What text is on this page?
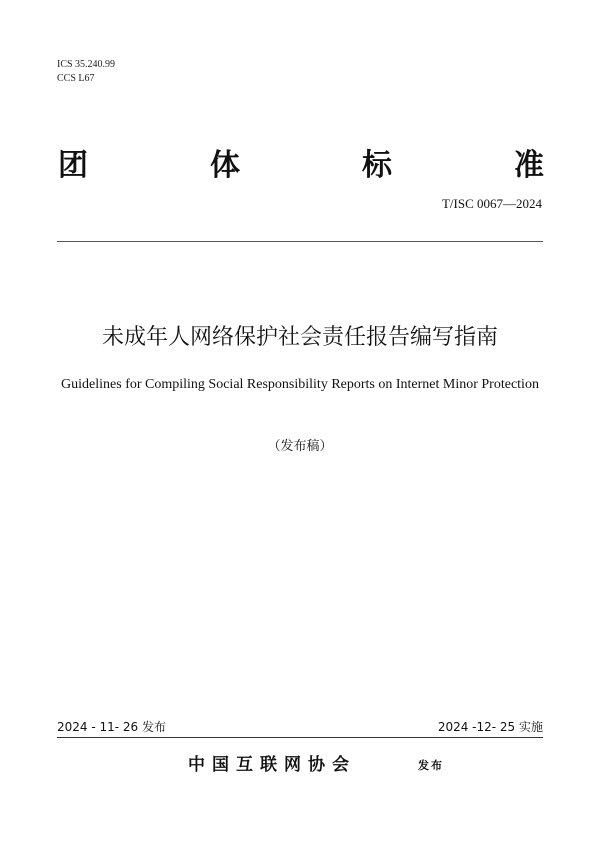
ICS 35.240.99
CCS L67
团	体	标	准
T/ISC 0067—2024
未成年人网络保护社会责任报告编写指南
Guidelines for Compiling Social Responsibility Reports on Internet Minor Protection
（发布稿）
2024 - 11- 26 发布	2024 -12- 25 实施
中国互联网协会	发布
